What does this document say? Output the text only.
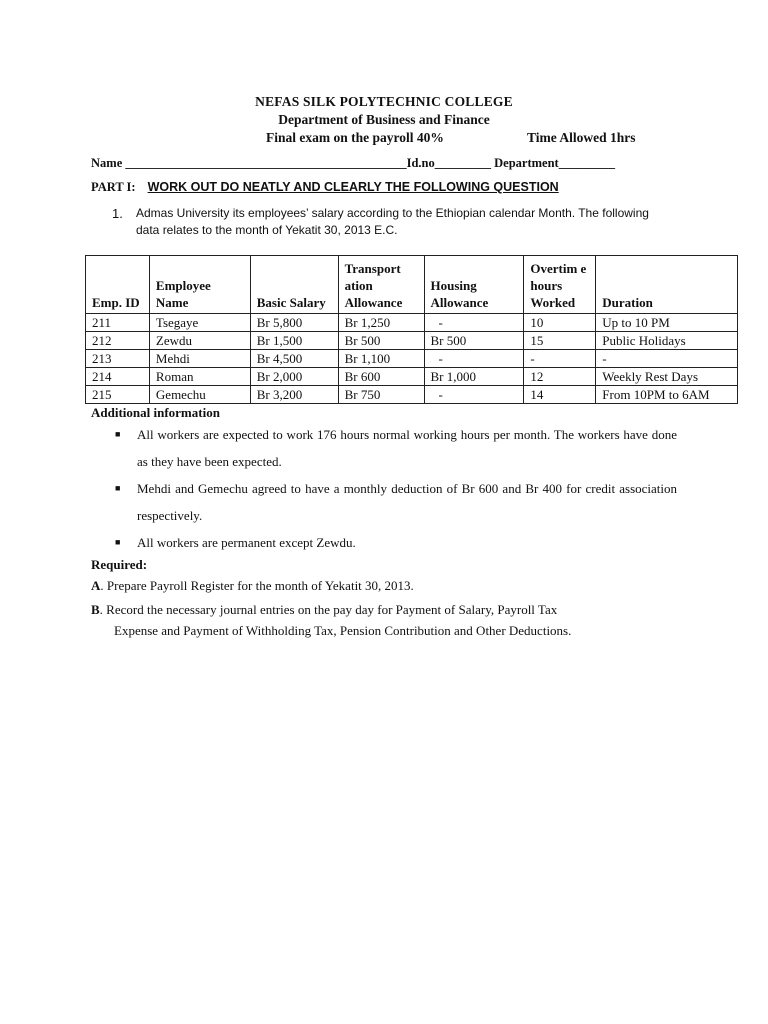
NEFAS SILK POLYTECHNIC COLLEGE
Department of Business and Finance
Final exam on the payroll 40%	Time Allowed 1hrs
Name _____________________________________________Id.no_________ Department_________
PART I: WORK OUT DO NEATLY AND CLEARLY THE FOLLOWING QUESTION
1. Admas University its employees’ salary according to the Ethiopian calendar Month. The following data relates to the month of Yekatit 30, 2013 E.C.
Emp. ID	Employee Name	Basic Salary	Transport ation Allowance	Housing Allowance	Overtim e hours Worked	Duration
211	Tsegaye	Br 5,800	Br 1,250	-	10	Up to 10 PM
212	Zewdu	Br 1,500	Br 500	Br 500	15	Public Holidays
213	Mehdi	Br 4,500	Br 1,100	-	-	-
214	Roman	Br 2,000	Br 600	Br 1,000	12	Weekly Rest Days
215	Gemechu	Br 3,200	Br 750	-	14	From 10PM to 6AM
Additional information
■ All workers are expected to work 176 hours normal working hours per month. The workers have done as they have been expected.
■ Mehdi and Gemechu agreed to have a monthly deduction of Br 600 and Br 400 for credit association respectively.
■ All workers are permanent except Zewdu.
Required:
A. Prepare Payroll Register for the month of Yekatit 30, 2013.
B. Record the necessary journal entries on the pay day for Payment of Salary, Payroll Tax
Expense and Payment of Withholding Tax, Pension Contribution and Other Deductions.
